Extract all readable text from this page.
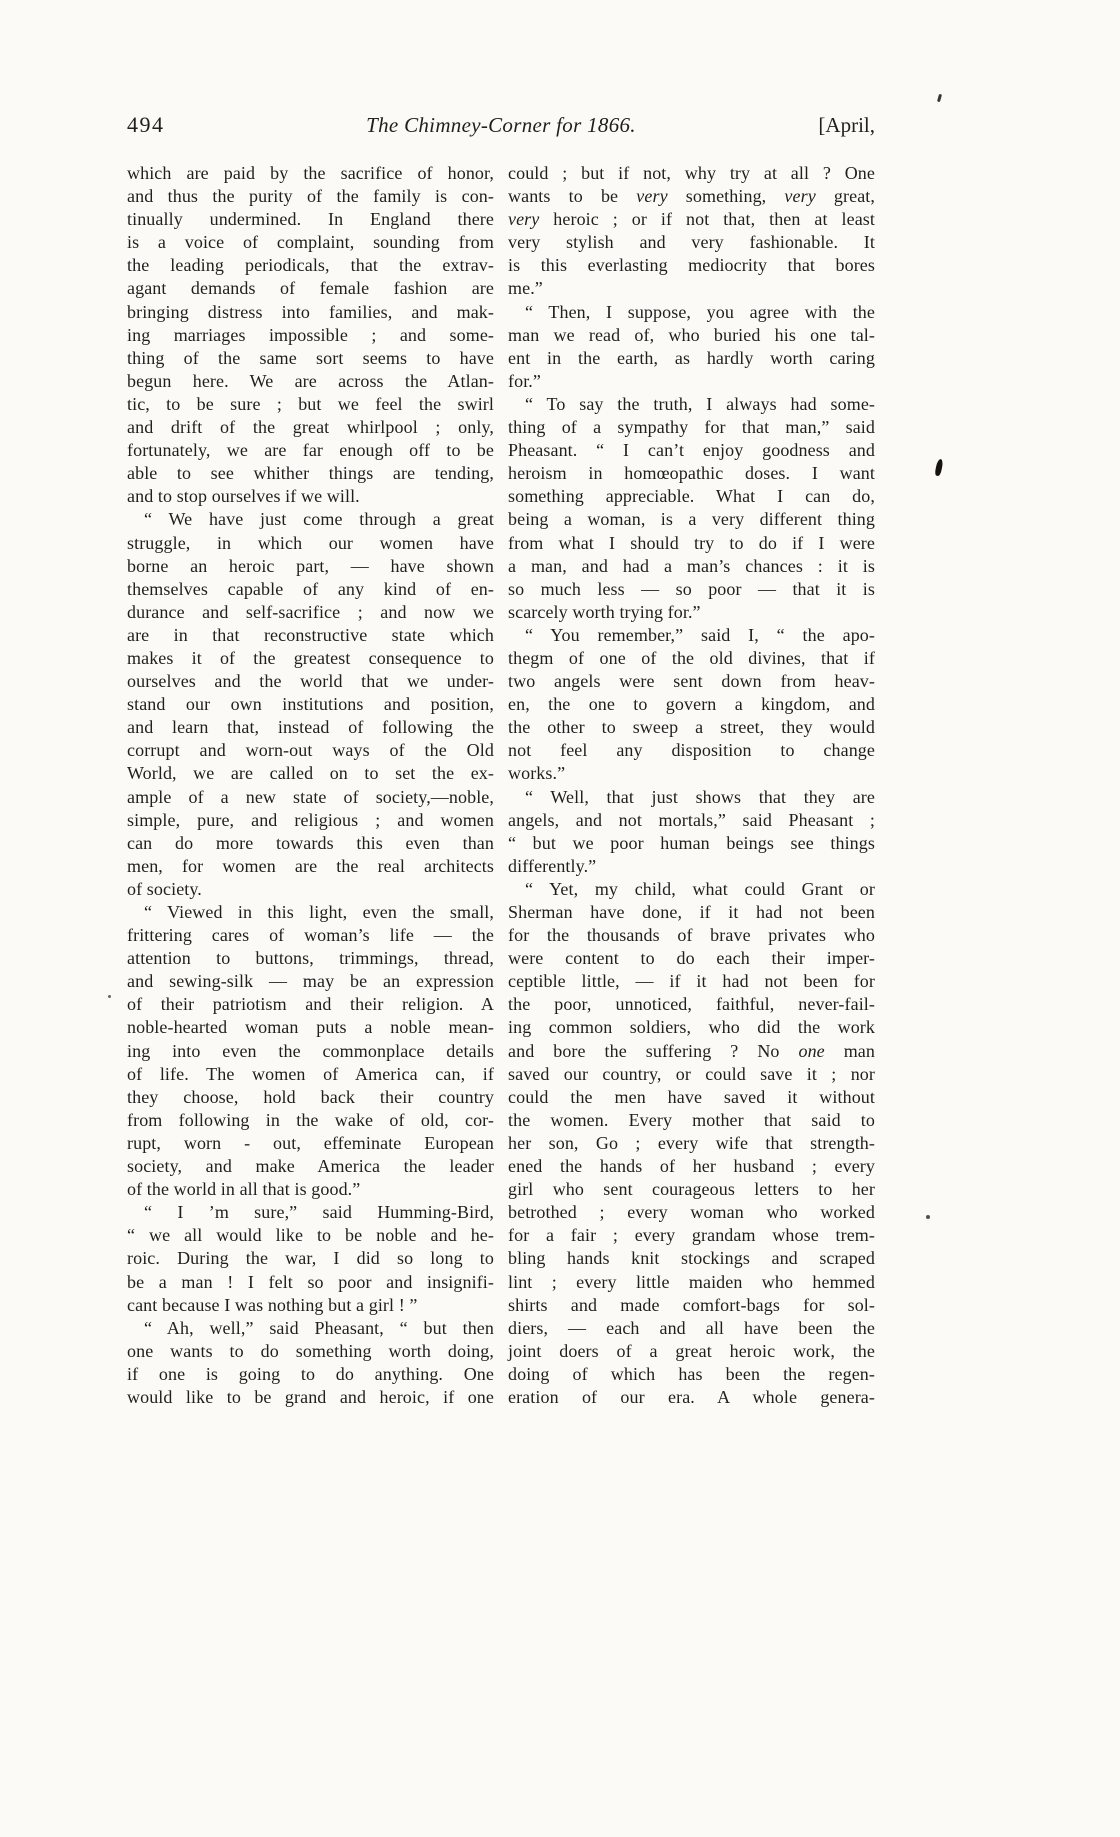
494	The Chimney-Corner for 1866.	[April,
which are paid by the sacrifice of honor,
and thus the purity of the family is con-
tinually undermined. In England there
is a voice of complaint, sounding from
the leading periodicals, that the extrav-
agant demands of female fashion are
bringing distress into families, and mak-
ing marriages impossible ; and some-
thing of the same sort seems to have
begun here. We are across the Atlan-
tic, to be sure ; but we feel the swirl
and drift of the great whirlpool ; only,
fortunately, we are far enough off to be
able to see whither things are tending,
and to stop ourselves if we will.
“ We have just come through a great
struggle, in which our women have
borne an heroic part, — have shown
themselves capable of any kind of en-
durance and self-sacrifice ; and now we
are in that reconstructive state which
makes it of the greatest consequence to
ourselves and the world that we under-
stand our own institutions and position,
and learn that, instead of following the
corrupt and worn-out ways of the Old
World, we are called on to set the ex-
ample of a new state of society,—noble,
simple, pure, and religious ; and women
can do more towards this even than
men, for women are the real architects
of society.
“ Viewed in this light, even the small,
frittering cares of woman’s life — the
attention to buttons, trimmings, thread,
and sewing-silk — may be an expression
of their patriotism and their religion. A
noble-hearted woman puts a noble mean-
ing into even the commonplace details
of life. The women of America can, if
they choose, hold back their country
from following in the wake of old, cor-
rupt, worn - out, effeminate European
society, and make America the leader
of the world in all that is good.”
“ I ’m sure,” said Humming-Bird,
“ we all would like to be noble and he-
roic. During the war, I did so long to
be a man ! I felt so poor and insignifi-
cant because I was nothing but a girl ! ”
“ Ah, well,” said Pheasant, “ but then
one wants to do something worth doing,
if one is going to do anything. One
would like to be grand and heroic, if one
could ; but if not, why try at all ? One
wants to be very something, very great,
very heroic ; or if not that, then at least
very stylish and very fashionable. It
is this everlasting mediocrity that bores
me.”
“ Then, I suppose, you agree with the
man we read of, who buried his one tal-
ent in the earth, as hardly worth caring
for.”
“ To say the truth, I always had some-
thing of a sympathy for that man,” said
Pheasant. “ I can’t enjoy goodness and
heroism in homœopathic doses. I want
something appreciable. What I can do,
being a woman, is a very different thing
from what I should try to do if I were
a man, and had a man’s chances : it is
so much less — so poor — that it is
scarcely worth trying for.”
“ You remember,” said I, “ the apo-
thegm of one of the old divines, that if
two angels were sent down from heav-
en, the one to govern a kingdom, and
the other to sweep a street, they would
not feel any disposition to change
works.”
“ Well, that just shows that they are
angels, and not mortals,” said Pheasant ;
“ but we poor human beings see things
differently.”
“ Yet, my child, what could Grant or
Sherman have done, if it had not been
for the thousands of brave privates who
were content to do each their imper-
ceptible little, — if it had not been for
the poor, unnoticed, faithful, never-fail-
ing common soldiers, who did the work
and bore the suffering ? No one man
saved our country, or could save it ; nor
could the men have saved it without
the women. Every mother that said to
her son, Go ; every wife that strength-
ened the hands of her husband ; every
girl who sent courageous letters to her
betrothed ; every woman who worked
for a fair ; every grandam whose trem-
bling hands knit stockings and scraped
lint ; every little maiden who hemmed
shirts and made comfort-bags for sol-
diers, — each and all have been the
joint doers of a great heroic work, the
doing of which has been the regen-
eration of our era. A whole genera-
